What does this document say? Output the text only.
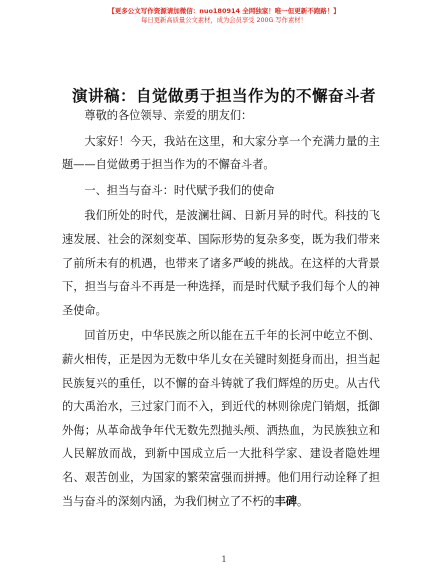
【更多公文写作资源请加微信：nuo180914 全网独家！唯一但更新不跑路！】
每日更新高质量公文素材，成为会员享受 200G 写作素材！
演讲稿：自觉做勇于担当作为的不懈奋斗者

尊敬的各位领导、亲爱的朋友们：

大家好！今天，我站在这里，和大家分享一个充满力量的主题——自觉做勇于担当作为的不懈奋斗者。

一、担当与奋斗：时代赋予我们的使命

我们所处的时代，是波澜壮阔、日新月异的时代。科技的飞速发展、社会的深刻变革、国际形势的复杂多变，既为我们带来了前所未有的机遇，也带来了诸多严峻的挑战。在这样的大背景下，担当与奋斗不再是一种选择，而是时代赋予我们每个人的神圣使命。

回首历史，中华民族之所以能在五千年的长河中屹立不倒、薪火相传，正是因为无数中华儿女在关键时刻挺身而出，担当起民族复兴的重任，以不懈的奋斗铸就了我们辉煌的历史。从古代的大禹治水，三过家门而不入，到近代的林则徐虎门销烟，抵御外侮；从革命战争年代无数先烈抛头颅、洒热血，为民族独立和人民解放而战，到新中国成立后一大批科学家、建设者隐姓埋名、艰苦创业，为国家的繁荣富强而拼搏。他们用行动诠释了担当与奋斗的深刻内涵，为我们树立了不朽的丰碑。

1
